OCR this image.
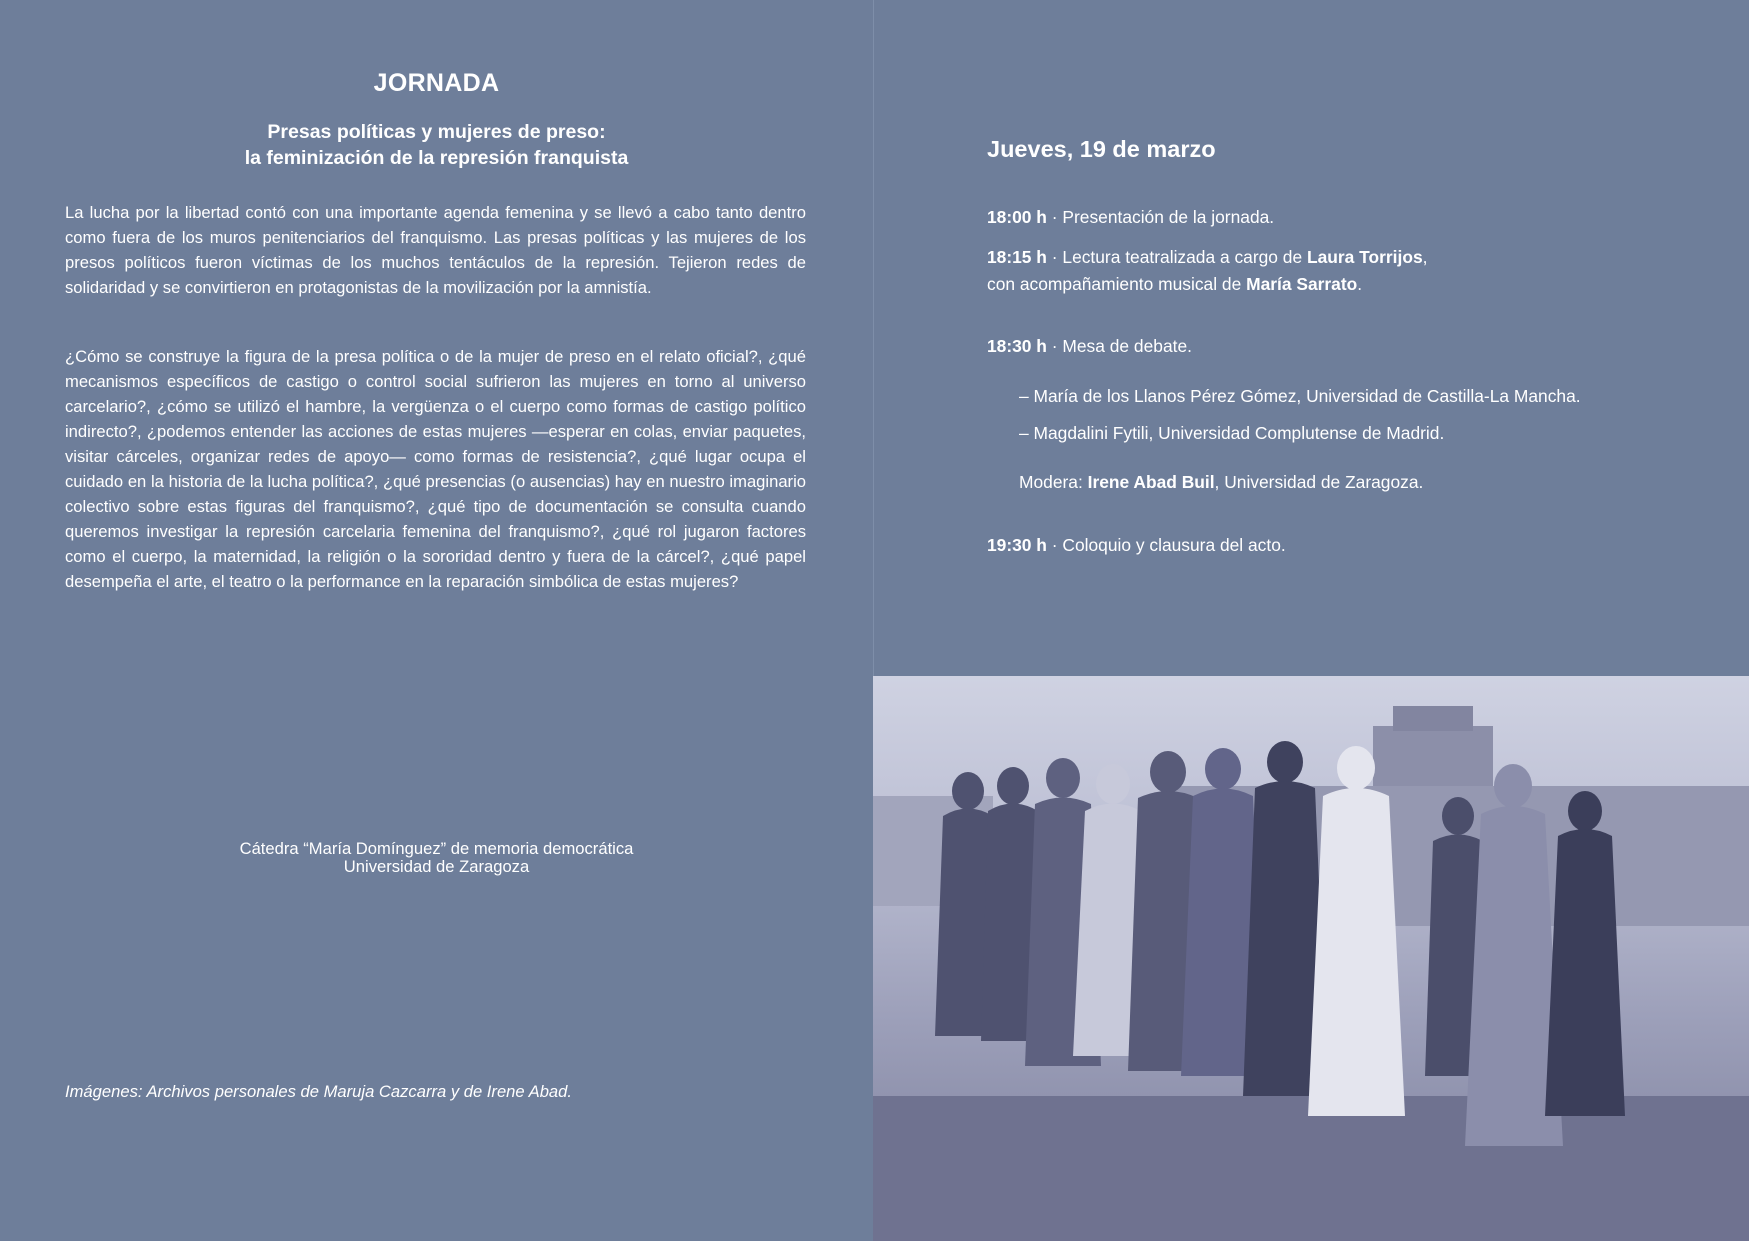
JORNADA
Presas políticas y mujeres de preso:
la feminización de la represión franquista
La lucha por la libertad contó con una importante agenda femenina y se llevó a cabo tanto dentro como fuera de los muros penitenciarios del franquismo. Las presas políticas y las mujeres de los presos políticos fueron víctimas de los muchos tentáculos de la represión. Tejieron redes de solidaridad y se convirtieron en protagonistas de la movilización por la amnistía.
¿Cómo se construye la figura de la presa política o de la mujer de preso en el relato oficial?, ¿qué mecanismos específicos de castigo o control social sufrieron las mujeres en torno al universo carcelario?, ¿cómo se utilizó el hambre, la vergüenza o el cuerpo como formas de castigo político indirecto?, ¿podemos entender las acciones de estas mujeres —esperar en colas, enviar paquetes, visitar cárceles, organizar redes de apoyo— como formas de resistencia?, ¿qué lugar ocupa el cuidado en la historia de la lucha política?, ¿qué presencias (o ausencias) hay en nuestro imaginario colectivo sobre estas figuras del franquismo?, ¿qué tipo de documentación se consulta cuando queremos investigar la represión carcelaria femenina del franquismo?, ¿qué rol jugaron factores como el cuerpo, la maternidad, la religión o la sororidad dentro y fuera de la cárcel?, ¿qué papel desempeña el arte, el teatro o la performance en la reparación simbólica de estas mujeres?
Cátedra “María Domínguez” de memoria democrática
Universidad de Zaragoza
Imágenes: Archivos personales de Maruja Cazcarra y de Irene Abad.
Jueves, 19 de marzo
18:00 h · Presentación de la jornada.
18:15 h · Lectura teatralizada a cargo de Laura Torrijos,
con acompañamiento musical de María Sarrato.
18:30 h · Mesa de debate.
– María de los Llanos Pérez Gómez, Universidad de Castilla-La Mancha.
– Magdalini Fytili, Universidad Complutense de Madrid.
Modera: Irene Abad Buil, Universidad de Zaragoza.
19:30 h · Coloquio y clausura del acto.
